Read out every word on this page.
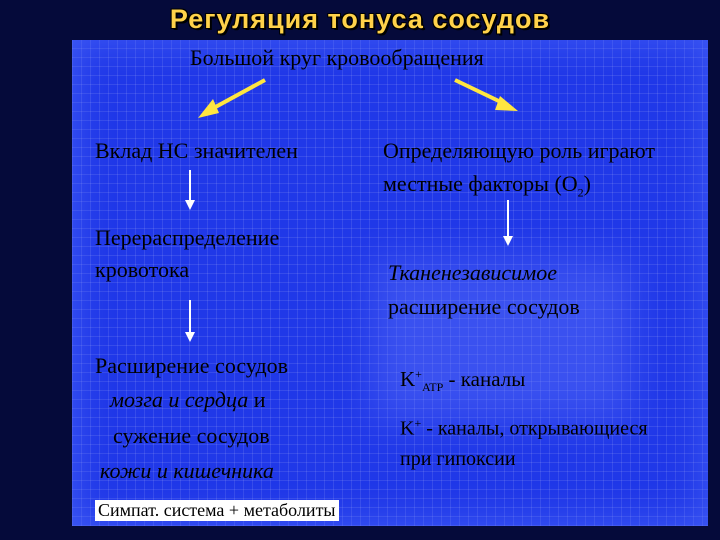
Регуляция тонуса сосудов
Большой круг кровообращения
Вклад НС значителен
Перераспределение
кровотока
Расширение сосудов
мозга и сердца и
сужение сосудов
кожи и кишечника
Определяющую роль играют
местные факторы $(O_2)$
Тканенезависимое
расширение сосудов
$K^+_{ATP}$ - каналы
K+ - каналы, открывающиеся
при гипоксии
Симпат. система + метаболиты
